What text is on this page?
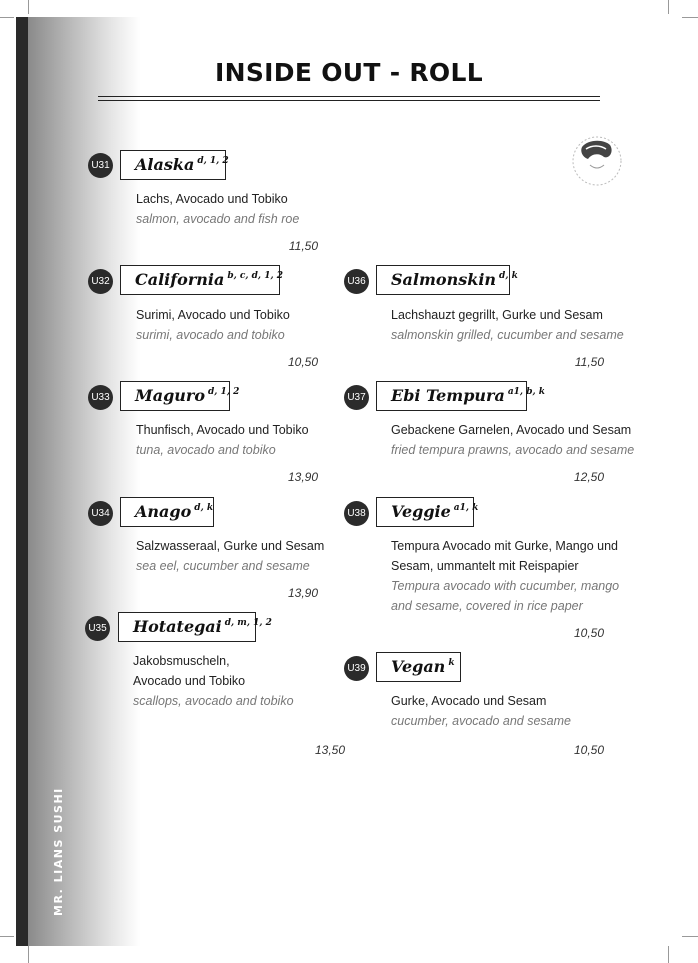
MR. LIANS SUSHI
INSIDE OUT - ROLL
U31	Alaska $^{d, 1, 2}$
Lachs, Avocado und Tobiko
salmon, avocado and fish roe
11,50
U32	California $^{b, c, d, 1, 2}$
Surimi, Avocado und Tobiko
surimi, avocado and tobiko
10,50
U33	Maguro $^{d, 1, 2}$
Thunfisch, Avocado und Tobiko
tuna, avocado and tobiko
13,90
U34	Anago $^{d, k}$
Salzwasseraal, Gurke und Sesam
sea eel, cucumber and sesame
13,90
U35	Hotategai $^{d, m, 1, 2}$
Jakobsmuscheln,
Avocado und Tobiko
scallops, avocado and tobiko
13,50
U36	Salmonskin $^{d, k}$
Lachshauzt gegrillt, Gurke und Sesam
salmonskin grilled, cucumber and sesame
11,50
U37	Ebi Tempura $^{a1, b, k}$
Gebackene Garnelen, Avocado und Sesam
fried tempura prawns, avocado and sesame
12,50
U38	Veggie $^{a1, k}$
Tempura Avocado mit Gurke, Mango und
Sesam, ummantelt mit Reispapier
Tempura avocado with cucumber, mango
and sesame, covered in rice paper
10,50
U39	Vegan $^k$
Gurke, Avocado und Sesam
cucumber, avocado and sesame
10,50
